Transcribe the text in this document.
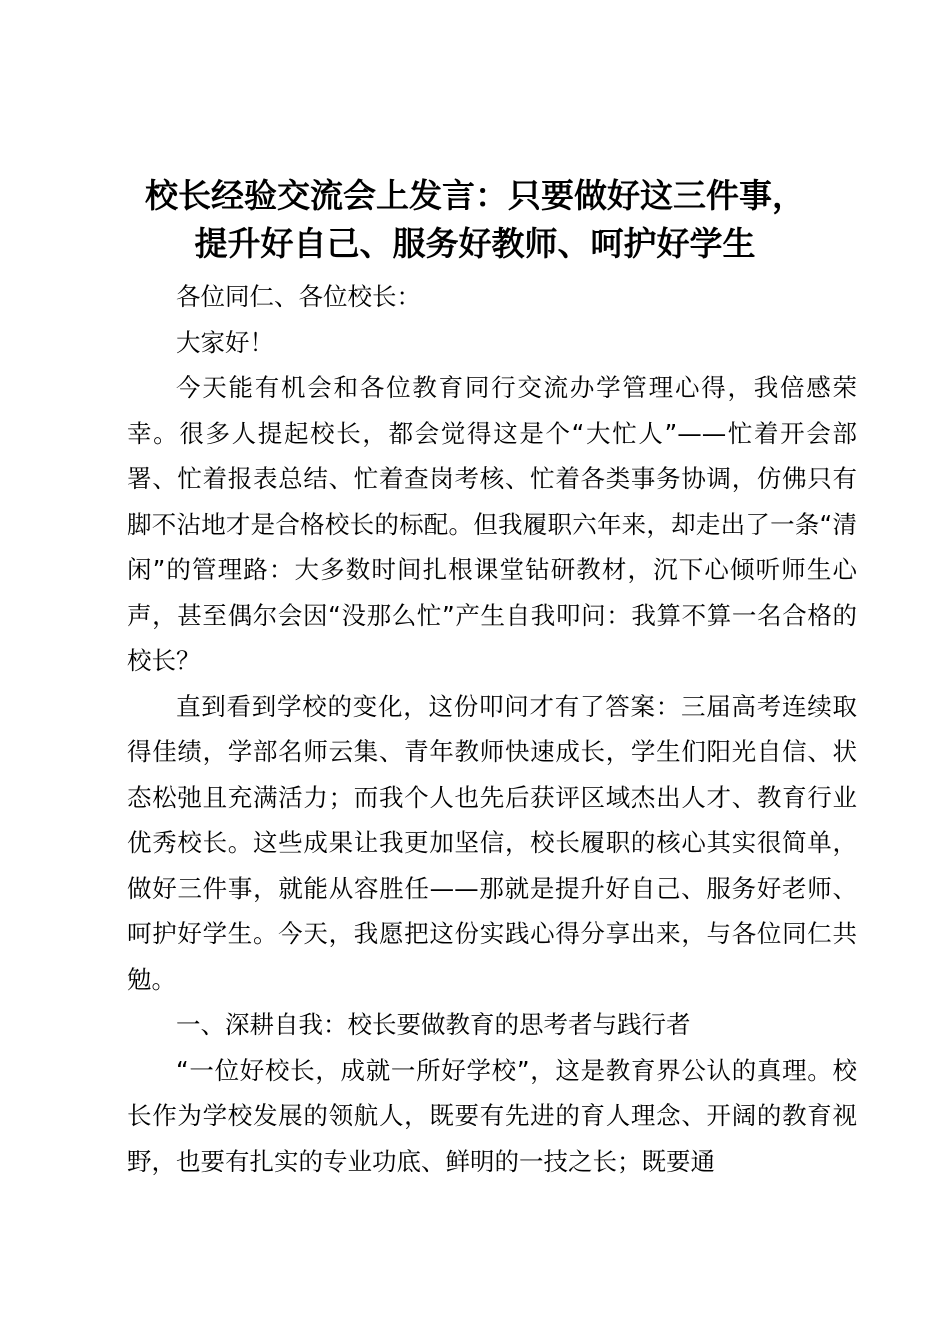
校长经验交流会上发言：只要做好这三件事，
提升好自己、服务好教师、呵护好学生

各位同仁、各位校长：

大家好！

今天能有机会和各位教育同行交流办学管理心得，我倍感荣幸。很多人提起校长，都会觉得这是个“大忙人”——忙着开会部署、忙着报表总结、忙着查岗考核、忙着各类事务协调，仿佛只有脚不沾地才是合格校长的标配。但我履职六年来，却走出了一条“清闲”的管理路：大多数时间扎根课堂钻研教材，沉下心倾听师生心声，甚至偶尔会因“没那么忙”产生自我叩问：我算不算一名合格的校长？

直到看到学校的变化，这份叩问才有了答案：三届高考连续取得佳绩，学部名师云集、青年教师快速成长，学生们阳光自信、状态松弛且充满活力；而我个人也先后获评区域杰出人才、教育行业优秀校长。这些成果让我更加坚信，校长履职的核心其实很简单，做好三件事，就能从容胜任——那就是提升好自己、服务好老师、呵护好学生。今天，我愿把这份实践心得分享出来，与各位同仁共勉。

一、深耕自我：校长要做教育的思考者与践行者

“一位好校长，成就一所好学校”，这是教育界公认的真理。校长作为学校发展的领航人，既要有先进的育人理念、开阔的教育视野，也要有扎实的专业功底、鲜明的一技之长；既要通
